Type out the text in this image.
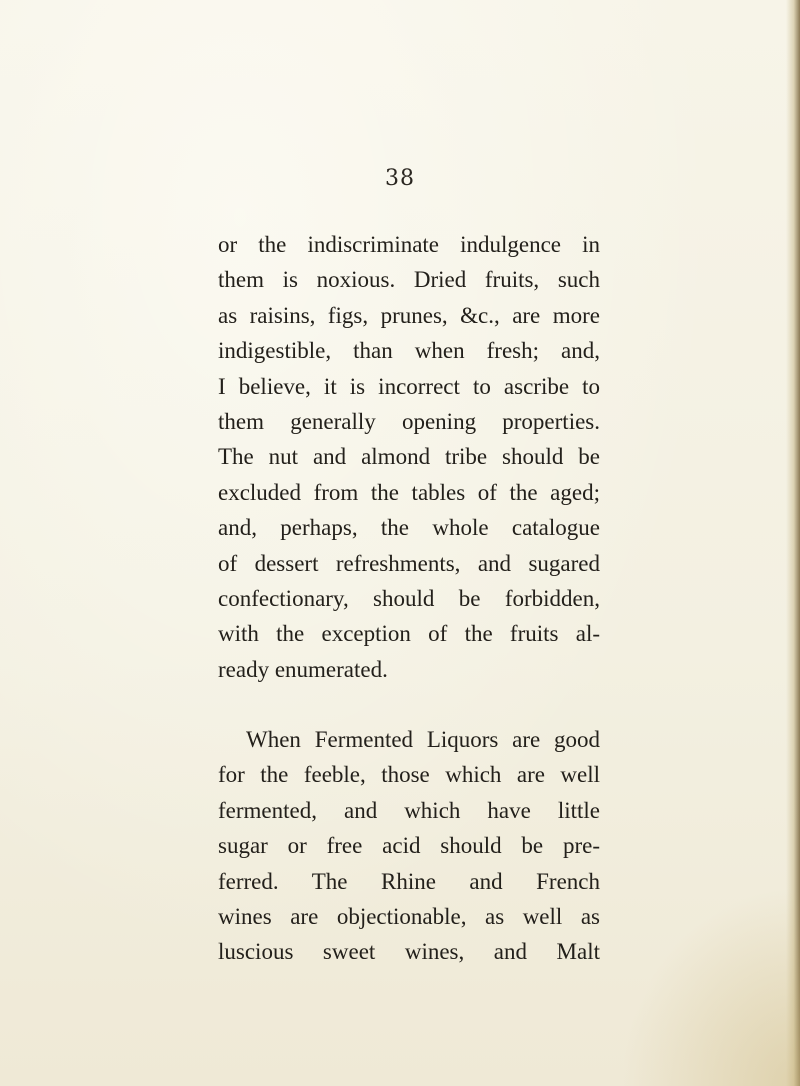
38
or the indiscriminate indulgence in
them is noxious. Dried fruits, such
as raisins, figs, prunes, &c., are more
indigestible, than when fresh; and,
I believe, it is incorrect to ascribe to
them generally opening properties.
The nut and almond tribe should be
excluded from the tables of the aged;
and, perhaps, the whole catalogue
of dessert refreshments, and sugared
confectionary, should be forbidden,
with the exception of the fruits al-
ready enumerated.
When Fermented Liquors are good
for the feeble, those which are well
fermented, and which have little
sugar or free acid should be pre-
ferred. The Rhine and French
wines are objectionable, as well as
luscious sweet wines, and Malt
